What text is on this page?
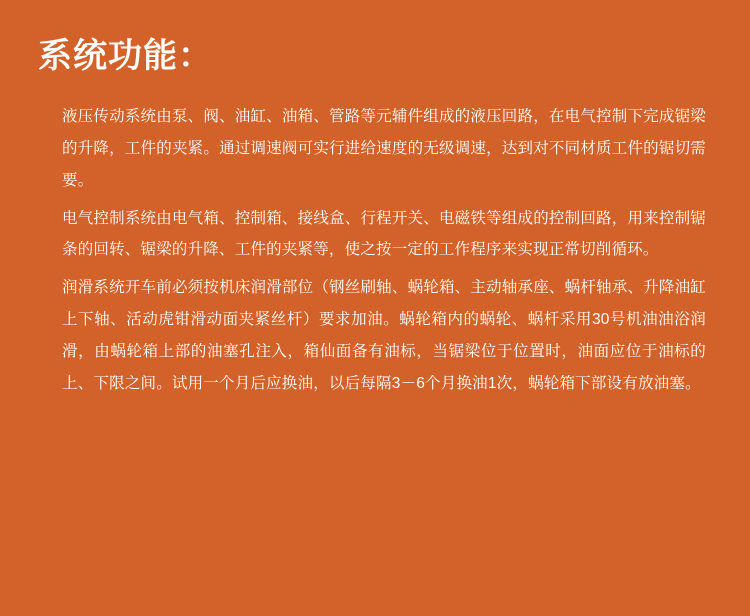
系统功能：

液压传动系统由泵、阀、油缸、油箱、管路等元辅件组成的液压回路，在电气控制下完成锯梁的升降，工件的夹紧。通过调速阀可实行进给速度的无级调速，达到对不同材质工件的锯切需要。

电气控制系统由电气箱、控制箱、接线盒、行程开关、电磁铁等组成的控制回路，用来控制锯条的回转、锯梁的升降、工件的夹紧等，使之按一定的工作程序来实现正常切削循环。

润滑系统开车前必须按机床润滑部位（钢丝刷轴、蜗轮箱、主动轴承座、蜗杆轴承、升降油缸上下轴、活动虎钳滑动面夹紧丝杆）要求加油。蜗轮箱内的蜗轮、蜗杆采用30号机油油浴润滑，由蜗轮箱上部的油塞孔注入，箱仙面备有油标，当锯梁位于位置时，油面应位于油标的上、下限之间。试用一个月后应换油，以后每隔3－6个月换油1次，蜗轮箱下部设有放油塞。
